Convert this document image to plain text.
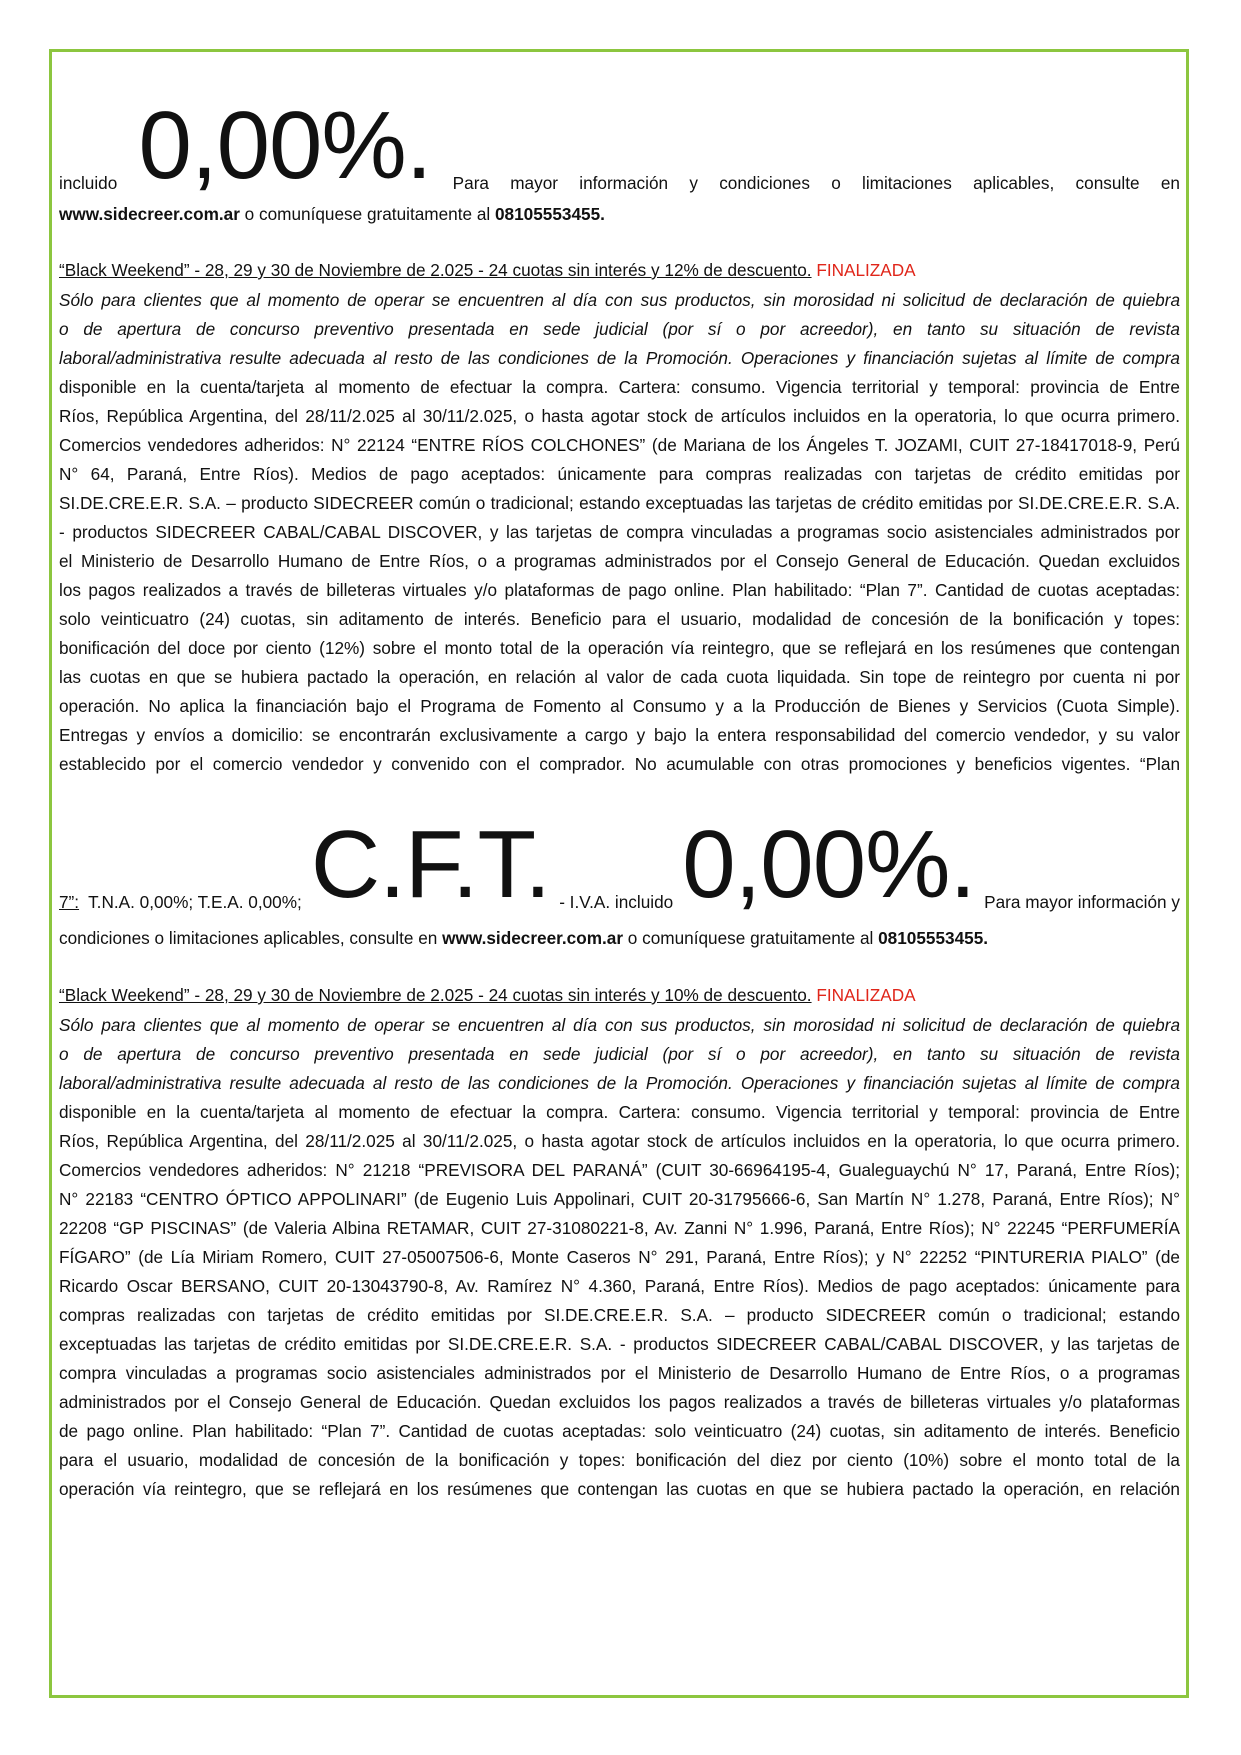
incluido 0,00%. Para mayor información y condiciones o limitaciones aplicables, consulte en
www.sidecreer.com.ar o comuníquese gratuitamente al 08105553455.
“Black Weekend” - 28, 29 y 30 de Noviembre de 2.025 - 24 cuotas sin interés y 12% de descuento. FINALIZADA
Sólo para clientes que al momento de operar se encuentren al día con sus productos, sin morosidad ni solicitud de declaración de quiebra
o de apertura de concurso preventivo presentada en sede judicial (por sí o por acreedor), en tanto su situación de revista
laboral/administrativa resulte adecuada al resto de las condiciones de la Promoción. Operaciones y financiación sujetas al límite de compra
disponible en la cuenta/tarjeta al momento de efectuar la compra. Cartera: consumo. Vigencia territorial y temporal: provincia de Entre
Ríos, República Argentina, del 28/11/2.025 al 30/11/2.025, o hasta agotar stock de artículos incluidos en la operatoria, lo que ocurra primero.
Comercios vendedores adheridos: N° 22124 “ENTRE RÍOS COLCHONES” (de Mariana de los Ángeles T. JOZAMI, CUIT 27-18417018-9, Perú
N° 64, Paraná, Entre Ríos). Medios de pago aceptados: únicamente para compras realizadas con tarjetas de crédito emitidas por
SI.DE.CRE.E.R. S.A. – producto SIDECREER común o tradicional; estando exceptuadas las tarjetas de crédito emitidas por SI.DE.CRE.E.R. S.A.
- productos SIDECREER CABAL/CABAL DISCOVER, y las tarjetas de compra vinculadas a programas socio asistenciales administrados por
el Ministerio de Desarrollo Humano de Entre Ríos, o a programas administrados por el Consejo General de Educación. Quedan excluidos
los pagos realizados a través de billeteras virtuales y/o plataformas de pago online. Plan habilitado: “Plan 7”. Cantidad de cuotas aceptadas:
solo veinticuatro (24) cuotas, sin aditamento de interés. Beneficio para el usuario, modalidad de concesión de la bonificación y topes:
bonificación del doce por ciento (12%) sobre el monto total de la operación vía reintegro, que se reflejará en los resúmenes que contengan
las cuotas en que se hubiera pactado la operación, en relación al valor de cada cuota liquidada. Sin tope de reintegro por cuenta ni por
operación. No aplica la financiación bajo el Programa de Fomento al Consumo y a la Producción de Bienes y Servicios (Cuota Simple).
Entregas y envíos a domicilio: se encontrarán exclusivamente a cargo y bajo la entera responsabilidad del comercio vendedor, y su valor
establecido por el comercio vendedor y convenido con el comprador. No acumulable con otras promociones y beneficios vigentes. “Plan
7”: T.N.A. 0,00%; T.E.A. 0,00%; C.F.T. - I.V.A. incluido 0,00%. Para mayor información y
condiciones o limitaciones aplicables, consulte en www.sidecreer.com.ar o comuníquese gratuitamente al 08105553455.
“Black Weekend” - 28, 29 y 30 de Noviembre de 2.025 - 24 cuotas sin interés y 10% de descuento. FINALIZADA
Sólo para clientes que al momento de operar se encuentren al día con sus productos, sin morosidad ni solicitud de declaración de quiebra
o de apertura de concurso preventivo presentada en sede judicial (por sí o por acreedor), en tanto su situación de revista
laboral/administrativa resulte adecuada al resto de las condiciones de la Promoción. Operaciones y financiación sujetas al límite de compra
disponible en la cuenta/tarjeta al momento de efectuar la compra. Cartera: consumo. Vigencia territorial y temporal: provincia de Entre
Ríos, República Argentina, del 28/11/2.025 al 30/11/2.025, o hasta agotar stock de artículos incluidos en la operatoria, lo que ocurra primero.
Comercios vendedores adheridos: N° 21218 “PREVISORA DEL PARANÁ” (CUIT 30-66964195-4, Gualeguaychú N° 17, Paraná, Entre Ríos);
N° 22183 “CENTRO ÓPTICO APPOLINARI” (de Eugenio Luis Appolinari, CUIT 20-31795666-6, San Martín N° 1.278, Paraná, Entre Ríos); N°
22208 “GP PISCINAS” (de Valeria Albina RETAMAR, CUIT 27-31080221-8, Av. Zanni N° 1.996, Paraná, Entre Ríos); N° 22245 “PERFUMERÍA
FÍGARO” (de Lía Miriam Romero, CUIT 27-05007506-6, Monte Caseros N° 291, Paraná, Entre Ríos); y N° 22252 “PINTURERIA PIALO” (de
Ricardo Oscar BERSANO, CUIT 20-13043790-8, Av. Ramírez N° 4.360, Paraná, Entre Ríos). Medios de pago aceptados: únicamente para
compras realizadas con tarjetas de crédito emitidas por SI.DE.CRE.E.R. S.A. – producto SIDECREER común o tradicional; estando
exceptuadas las tarjetas de crédito emitidas por SI.DE.CRE.E.R. S.A. - productos SIDECREER CABAL/CABAL DISCOVER, y las tarjetas de
compra vinculadas a programas socio asistenciales administrados por el Ministerio de Desarrollo Humano de Entre Ríos, o a programas
administrados por el Consejo General de Educación. Quedan excluidos los pagos realizados a través de billeteras virtuales y/o plataformas
de pago online. Plan habilitado: “Plan 7”. Cantidad de cuotas aceptadas: solo veinticuatro (24) cuotas, sin aditamento de interés. Beneficio
para el usuario, modalidad de concesión de la bonificación y topes: bonificación del diez por ciento (10%) sobre el monto total de la
operación vía reintegro, que se reflejará en los resúmenes que contengan las cuotas en que se hubiera pactado la operación, en relación
